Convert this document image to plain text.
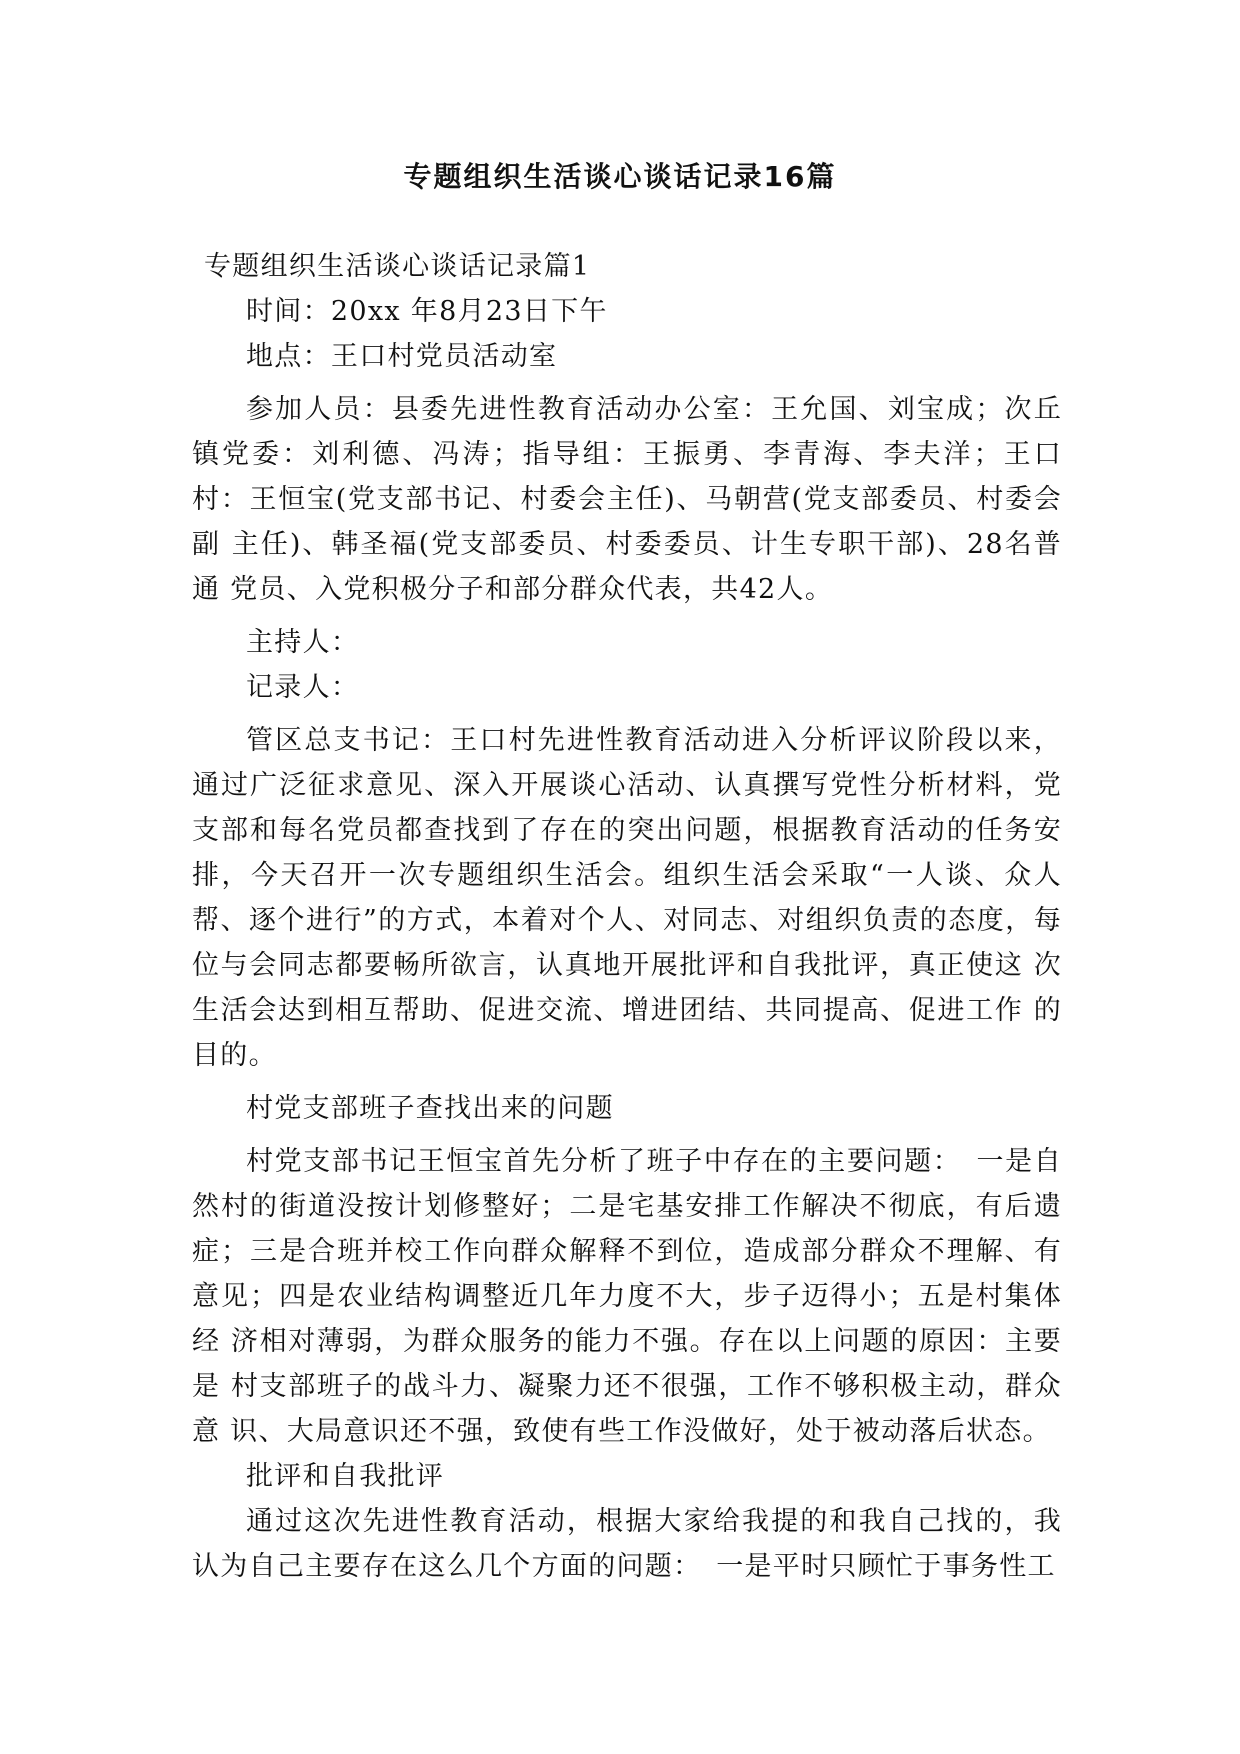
专题组织生活谈心谈话记录16篇

专题组织生活谈心谈话记录篇1

时间：20xx 年8月23日下午

地点：王口村党员活动室

参加人员：县委先进性教育活动办公室：王允国、刘宝成；次丘镇党委：刘利德、冯涛；指导组：王振勇、李青海、李夫洋；王口村：王恒宝(党支部书记、村委会主任)、马朝营(党支部委员、村委会副 主任)、韩圣福(党支部委员、村委委员、计生专职干部)、28名普通 党员、入党积极分子和部分群众代表，共42人。

主持人：

记录人：

管区总支书记：王口村先进性教育活动进入分析评议阶段以来，通过广泛征求意见、深入开展谈心活动、认真撰写党性分析材料，党支部和每名党员都查找到了存在的突出问题，根据教育活动的任务安排，今天召开一次专题组织生活会。组织生活会采取“一人谈、众人帮、逐个进行”的方式，本着对个人、对同志、对组织负责的态度，每位与会同志都要畅所欲言，认真地开展批评和自我批评，真正使这 次生活会达到相互帮助、促进交流、增进团结、共同提高、促进工作 的目的。

村党支部班子查找出来的问题

村党支部书记王恒宝首先分析了班子中存在的主要问题：　一是自 然村的街道没按计划修整好；二是宅基安排工作解决不彻底，有后遗 症；三是合班并校工作向群众解释不到位，造成部分群众不理解、有 意见；四是农业结构调整近几年力度不大，步子迈得小；五是村集体经 济相对薄弱，为群众服务的能力不强。存在以上问题的原因：主要是 村支部班子的战斗力、凝聚力还不很强，工作不够积极主动，群众意 识、大局意识还不强，致使有些工作没做好，处于被动落后状态。

批评和自我批评

通过这次先进性教育活动，根据大家给我提的和我自己找的，我认为自己主要存在这么几个方面的问题：　一是平时只顾忙于事务性工
